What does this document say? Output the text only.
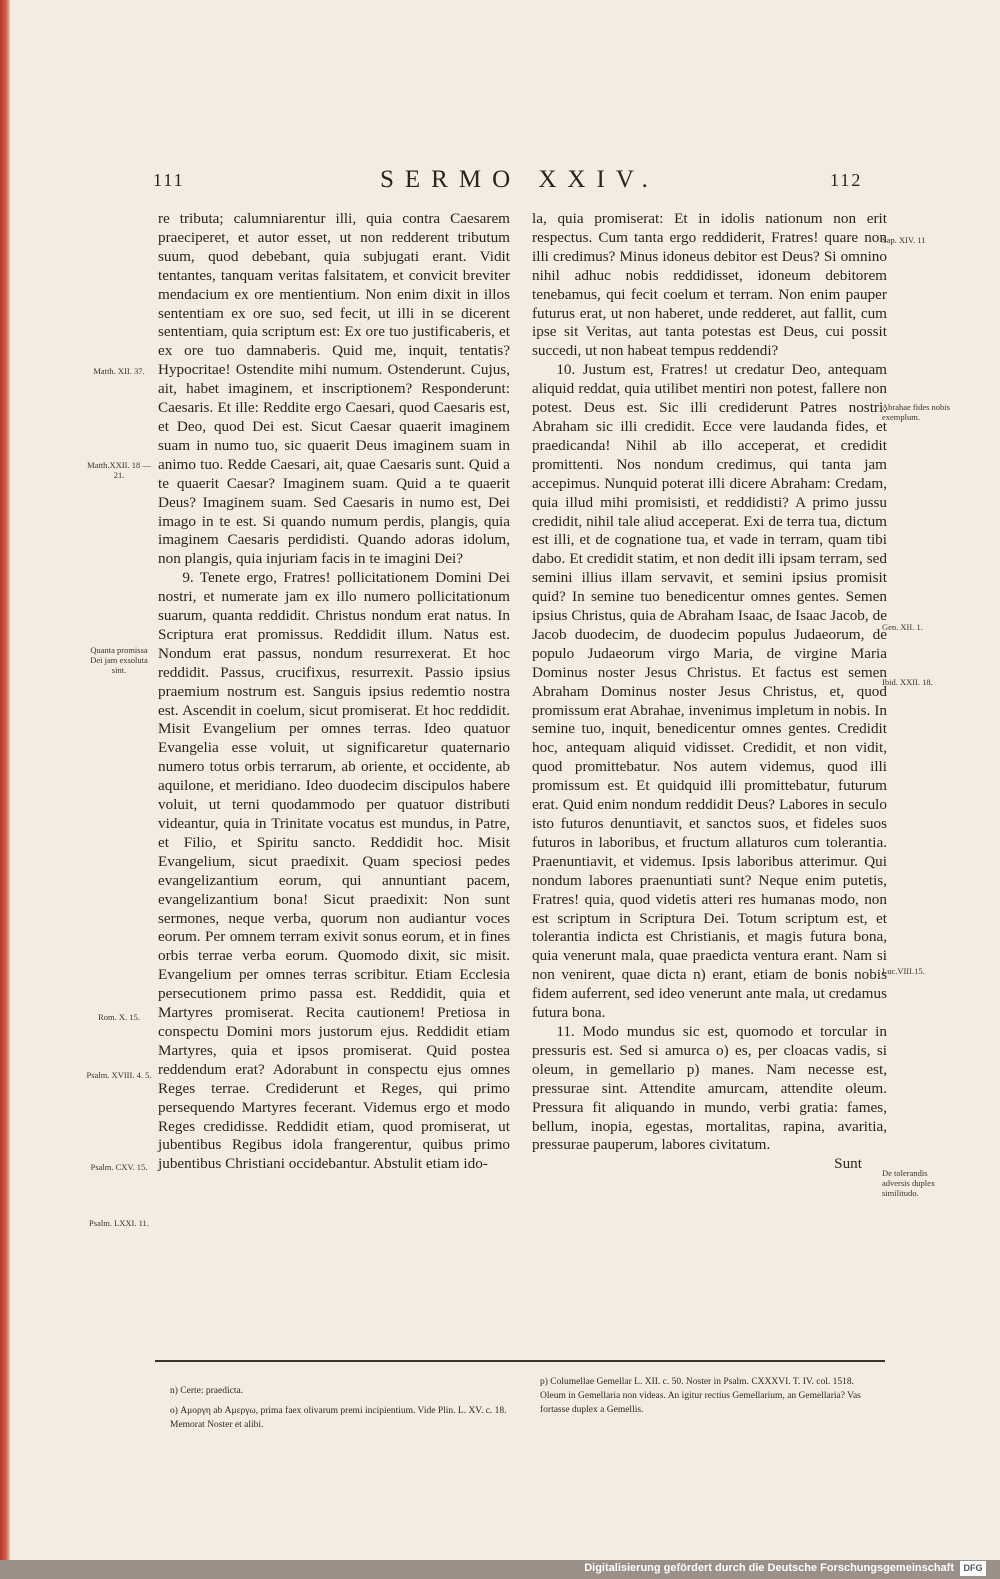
111	SERMO XXIV.	112

re tributa; calumniarentur illi, quia contra Caesarem praeciperet, et autor esset, ut non redderent tributum suum, quod debebant, quia subjugati erant. Vidit tentantes, tanquam veritas falsitatem, et convicit breviter mendacium ex ore mentientium. Non enim dixit in illos sententiam ex ore suo, sed fecit, ut illi in se dicerent sententiam, quia scriptum est: Ex ore tuo justificaberis, et ex ore tuo damnaberis. Quid me, inquit, tentatis? Hypocritae! Ostendite mihi numum. Ostenderunt. Cujus, ait, habet imaginem, et inscriptionem? Responderunt: Caesaris. Et ille: Reddite ergo Caesari, quod Caesaris est, et Deo, quod Dei est. Sicut Caesar quaerit imaginem suam in numo tuo, sic quaerit Deus imaginem suam in animo tuo. Redde Caesari, ait, quae Caesaris sunt. Quid a te quaerit Caesar? Imaginem suam. Quid a te quaerit Deus? Imaginem suam. Sed Caesaris in numo est, Dei imago in te est. Si quando numum perdis, plangis, quia imaginem Caesaris perdidisti. Quando adoras idolum, non plangis, quia injuriam facis in te imagini Dei?

9. Tenete ergo, Fratres! pollicitationem Domini Dei nostri, et numerate jam ex illo numero pollicitationum suarum, quanta reddidit. Christus nondum erat natus. In Scriptura erat promissus. Reddidit illum. Natus est. Nondum erat passus, nondum resurrexerat. Et hoc reddidit. Passus, crucifixus, resurrexit. Passio ipsius praemium nostrum est. Sanguis ipsius redemtio nostra est. Ascendit in coelum, sicut promiserat. Et hoc reddidit. Misit Evangelium per omnes terras. Ideo quatuor Evangelia esse voluit, ut significaretur quaternario numero totus orbis terrarum, ab oriente, et occidente, ab aquilone, et meridiano. Ideo duodecim discipulos habere voluit, ut terni quodammodo per quatuor distributi videantur, quia in Trinitate vocatus est mundus, in Patre, et Filio, et Spiritu sancto. Reddidit hoc. Misit Evangelium, sicut praedixit. Quam speciosi pedes evangelizantium eorum, qui annuntiant pacem, evangelizantium bona! Sicut praedixit: Non sunt sermones, neque verba, quorum non audiantur voces eorum. Per omnem terram exivit sonus eorum, et in fines orbis terrae verba eorum. Quomodo dixit, sic misit. Evangelium per omnes terras scribitur. Etiam Ecclesia persecutionem primo passa est. Reddidit, quia et Martyres promiserat. Recita cautionem! Pretiosa in conspectu Domini mors justorum ejus. Reddidit etiam Martyres, quia et ipsos promiserat. Quid postea reddendum erat? Adorabunt in conspectu ejus omnes Reges terrae. Crediderunt et Reges, qui primo persequendo Martyres fecerant. Videmus ergo et modo Reges credidisse. Reddidit etiam, quod promiserat, ut jubentibus Regibus idola frangerentur, quibus primo jubentibus Christiani occidebantur. Abstulit etiam ido-

la, quia promiserat: Et in idolis nationum non erit respectus. Cum tanta ergo reddiderit, Fratres! quare non illi credimus? Minus idoneus debitor est Deus? Si omnino nihil adhuc nobis reddidisset, idoneum debitorem tenebamus, qui fecit coelum et terram. Non enim pauper futurus erat, ut non haberet, unde redderet, aut fallit, cum ipse sit Veritas, aut tanta potestas est Deus, cui possit succedi, ut non habeat tempus reddendi?

10. Justum est, Fratres! ut credatur Deo, antequam aliquid reddat, quia utilibet mentiri non potest, fallere non potest. Deus est. Sic illi crediderunt Patres nostri. Abraham sic illi credidit. Ecce vere laudanda fides, et praedicanda! Nihil ab illo acceperat, et credidit promittenti. Nos nondum credimus, qui tanta jam accepimus. Nunquid poterat illi dicere Abraham: Credam, quia illud mihi promisisti, et reddidisti? A primo jussu credidit, nihil tale aliud acceperat. Exi de terra tua, dictum est illi, et de cognatione tua, et vade in terram, quam tibi dabo. Et credidit statim, et non dedit illi ipsam terram, sed semini illius illam servavit, et semini ipsius promisit quid? In semine tuo benedicentur omnes gentes. Semen ipsius Christus, quia de Abraham Isaac, de Isaac Jacob, de Jacob duodecim, de duodecim populus Judaeorum, de populo Judaeorum virgo Maria, de virgine Maria Dominus noster Jesus Christus. Et factus est semen Abraham Dominus noster Jesus Christus, et, quod promissum erat Abrahae, invenimus impletum in nobis. In semine tuo, inquit, benedicentur omnes gentes. Credidit hoc, antequam aliquid vidisset. Credidit, et non vidit, quod promittebatur. Nos autem videmus, quod illi promissum est. Et quidquid illi promittebatur, futurum erat. Quid enim nondum reddidit Deus? Labores in seculo isto futuros denuntiavit, et sanctos suos, et fideles suos futuros in laboribus, et fructum allaturos cum tolerantia. Praenuntiavit, et videmus. Ipsis laboribus atterimur. Qui nondum labores praenuntiati sunt? Neque enim putetis, Fratres! quia, quod videtis atteri res humanas modo, non est scriptum in Scriptura Dei. Totum scriptum est, et tolerantia indicta est Christianis, et magis futura bona, quia venerunt mala, quae praedicta ventura erant. Nam si non venirent, quae dicta n) erant, etiam de bonis nobis fidem auferrent, sed ideo venerunt ante mala, ut credamus futura bona.

11. Modo mundus sic est, quomodo et torcular in pressuris est. Sed si amurca o) es, per cloacas vadis, si oleum, in gemellario p) manes. Nam necesse est, pressurae sint. Attendite amurcam, attendite oleum. Pressura fit aliquando in mundo, verbi gratia: fames, bellum, inopia, egestas, mortalitas, rapina, avaritia, pressurae pauperum, labores civitatum.

Sunt

Matth. XII. 37.
Matth.XXII. 18 — 21.
Quanta promissa Dei jam exsoluta sint.
Rom. X. 15.
Psalm. XVIII. 4. 5.
Psalm. CXV. 15.
Psalm. LXXI. 11.
Sap. XIV. 11
Abrahae fides nobis exemplum.
Gen. XII. 1.
Ibid. XXII. 18.
Luc.VIII.15.
De tolerandis adversis duplex similitudo.

n) Certe: praedicta.

o) Αμοργη ab Αμεργω, prima faex olivarum premi incipientium. Vide Plin. L. XV. c. 18. Memorat Noster et alibi.

p) Columellae Gemellar L. XII. c. 50. Noster in Psalm. CXXXVI. T. IV. col. 1518. Oleum in Gemellaria non videas. An igitur rectius Gemellarium, an Gemellaria? Vas fortasse duplex a Gemellis.

Digitalisierung gefördert durch die Deutsche Forschungsgemeinschaft	DFG
